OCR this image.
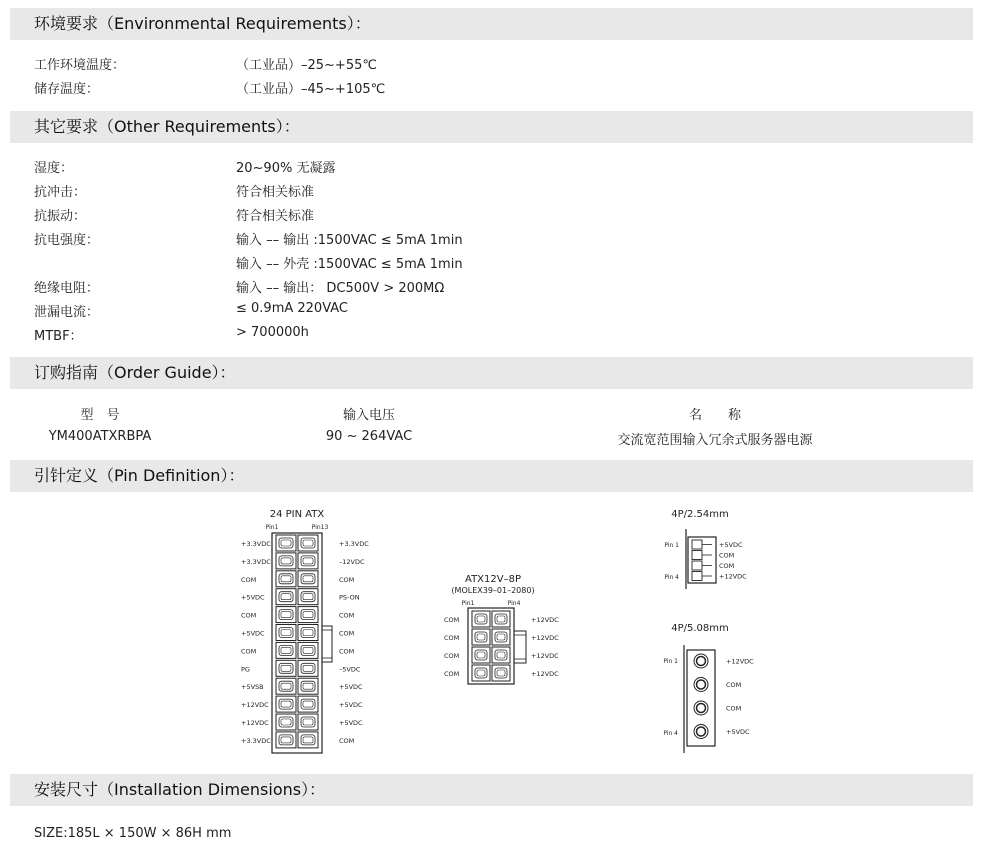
环境要求（Environmental Requirements）：
工作环境温度：	（工业品）–25~+55℃
储存温度：	（工业品）–45~+105℃
其它要求（Other Requirements）：
湿度：	20~90% 无凝露
抗冲击：	符合相关标准
抗振动：	符合相关标准
抗电强度：	输入 –– 输出 :1500VAC ≤ 5mA 1min
输入 –– 外壳 :1500VAC ≤ 5mA 1min
绝缘电阻：	输入 –– 输出： DC500V > 200MΩ
泄漏电流：	≤ 0.9mA 220VAC
MTBF：	> 700000h
订购指南（Order Guide）：
型　号	输入电压	名　　称
YM400ATXRBPA	90 ~ 264VAC	交流宽范围输入冗余式服务器电源
引针定义（Pin Definition）：
24 PIN ATX
Pin1	Pin13
+3.3VDC	+3.3VDC
+3.3VDC	–12VDC
COM	COM
+5VDC	PS-ON
COM	COM
+5VDC	COM
COM	COM
PG	–5VDC
+5VSB	+5VDC
+12VDC	+5VDC
+12VDC	+5VDC
+3.3VDC	COM
ATX12V–8P
(MOLEX39–01–2080)
Pin1	Pin4
COM	+12VDC
COM	+12VDC
COM	+12VDC
COM	+12VDC
4P/2.54mm
Pin 1
Pin 4
+5VDC
COM
COM
+12VDC
4P/5.08mm
Pin 1
Pin 4
+12VDC
COM
COM
+5VDC
安装尺寸（Installation Dimensions）：
SIZE:185L × 150W × 86H mm
